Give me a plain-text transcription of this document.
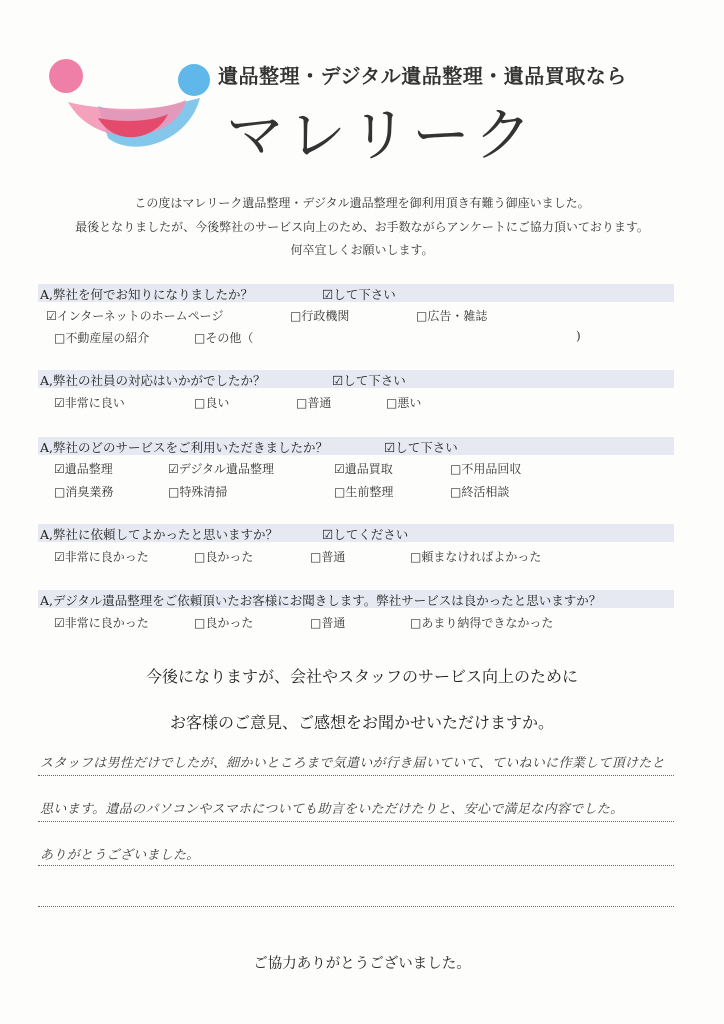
遺品整理・デジタル遺品整理・遺品買取なら
マレリーク
この度はマレリーク遺品整理・デジタル遺品整理を御利用頂き有難う御座いました。
最後となりましたが、今後弊社のサービス向上のため、お手数ながらアンケートにご協力頂いております。
何卒宜しくお願いします。
A,弊社を何でお知りになりましたか？	☑して下さい
☑インターネットのホームページ	□行政機関	□広告・雑誌
□不動産屋の紹介	□その他（	)
A,弊社の社員の対応はいかがでしたか？	☑して下さい
☑非常に良い	□良い	□普通	□悪い
A,弊社のどのサービスをご利用いただきましたか？	☑して下さい
☑遺品整理	☑デジタル遺品整理	☑遺品買取	□不用品回収
□消臭業務	□特殊清掃	□生前整理	□終活相談
A,弊社に依頼してよかったと思いますか？	☑してください
☑非常に良かった	□良かった	□普通	□頼まなければよかった
A,デジタル遺品整理をご依頼頂いたお客様にお聞きします。弊社サービスは良かったと思いますか？
☑非常に良かった	□良かった	□普通	□あまり納得できなかった
今後になりますが、会社やスタッフのサービス向上のために
お客様のご意見、ご感想をお聞かせいただけますか。
スタッフは男性だけでしたが、細かいところまで気遣いが行き届いていて、ていねいに作業して頂けたと
思います。遺品のパソコンやスマホについても助言をいただけたりと、安心で満足な内容でした。
ありがとうございました。
ご協力ありがとうございました。
